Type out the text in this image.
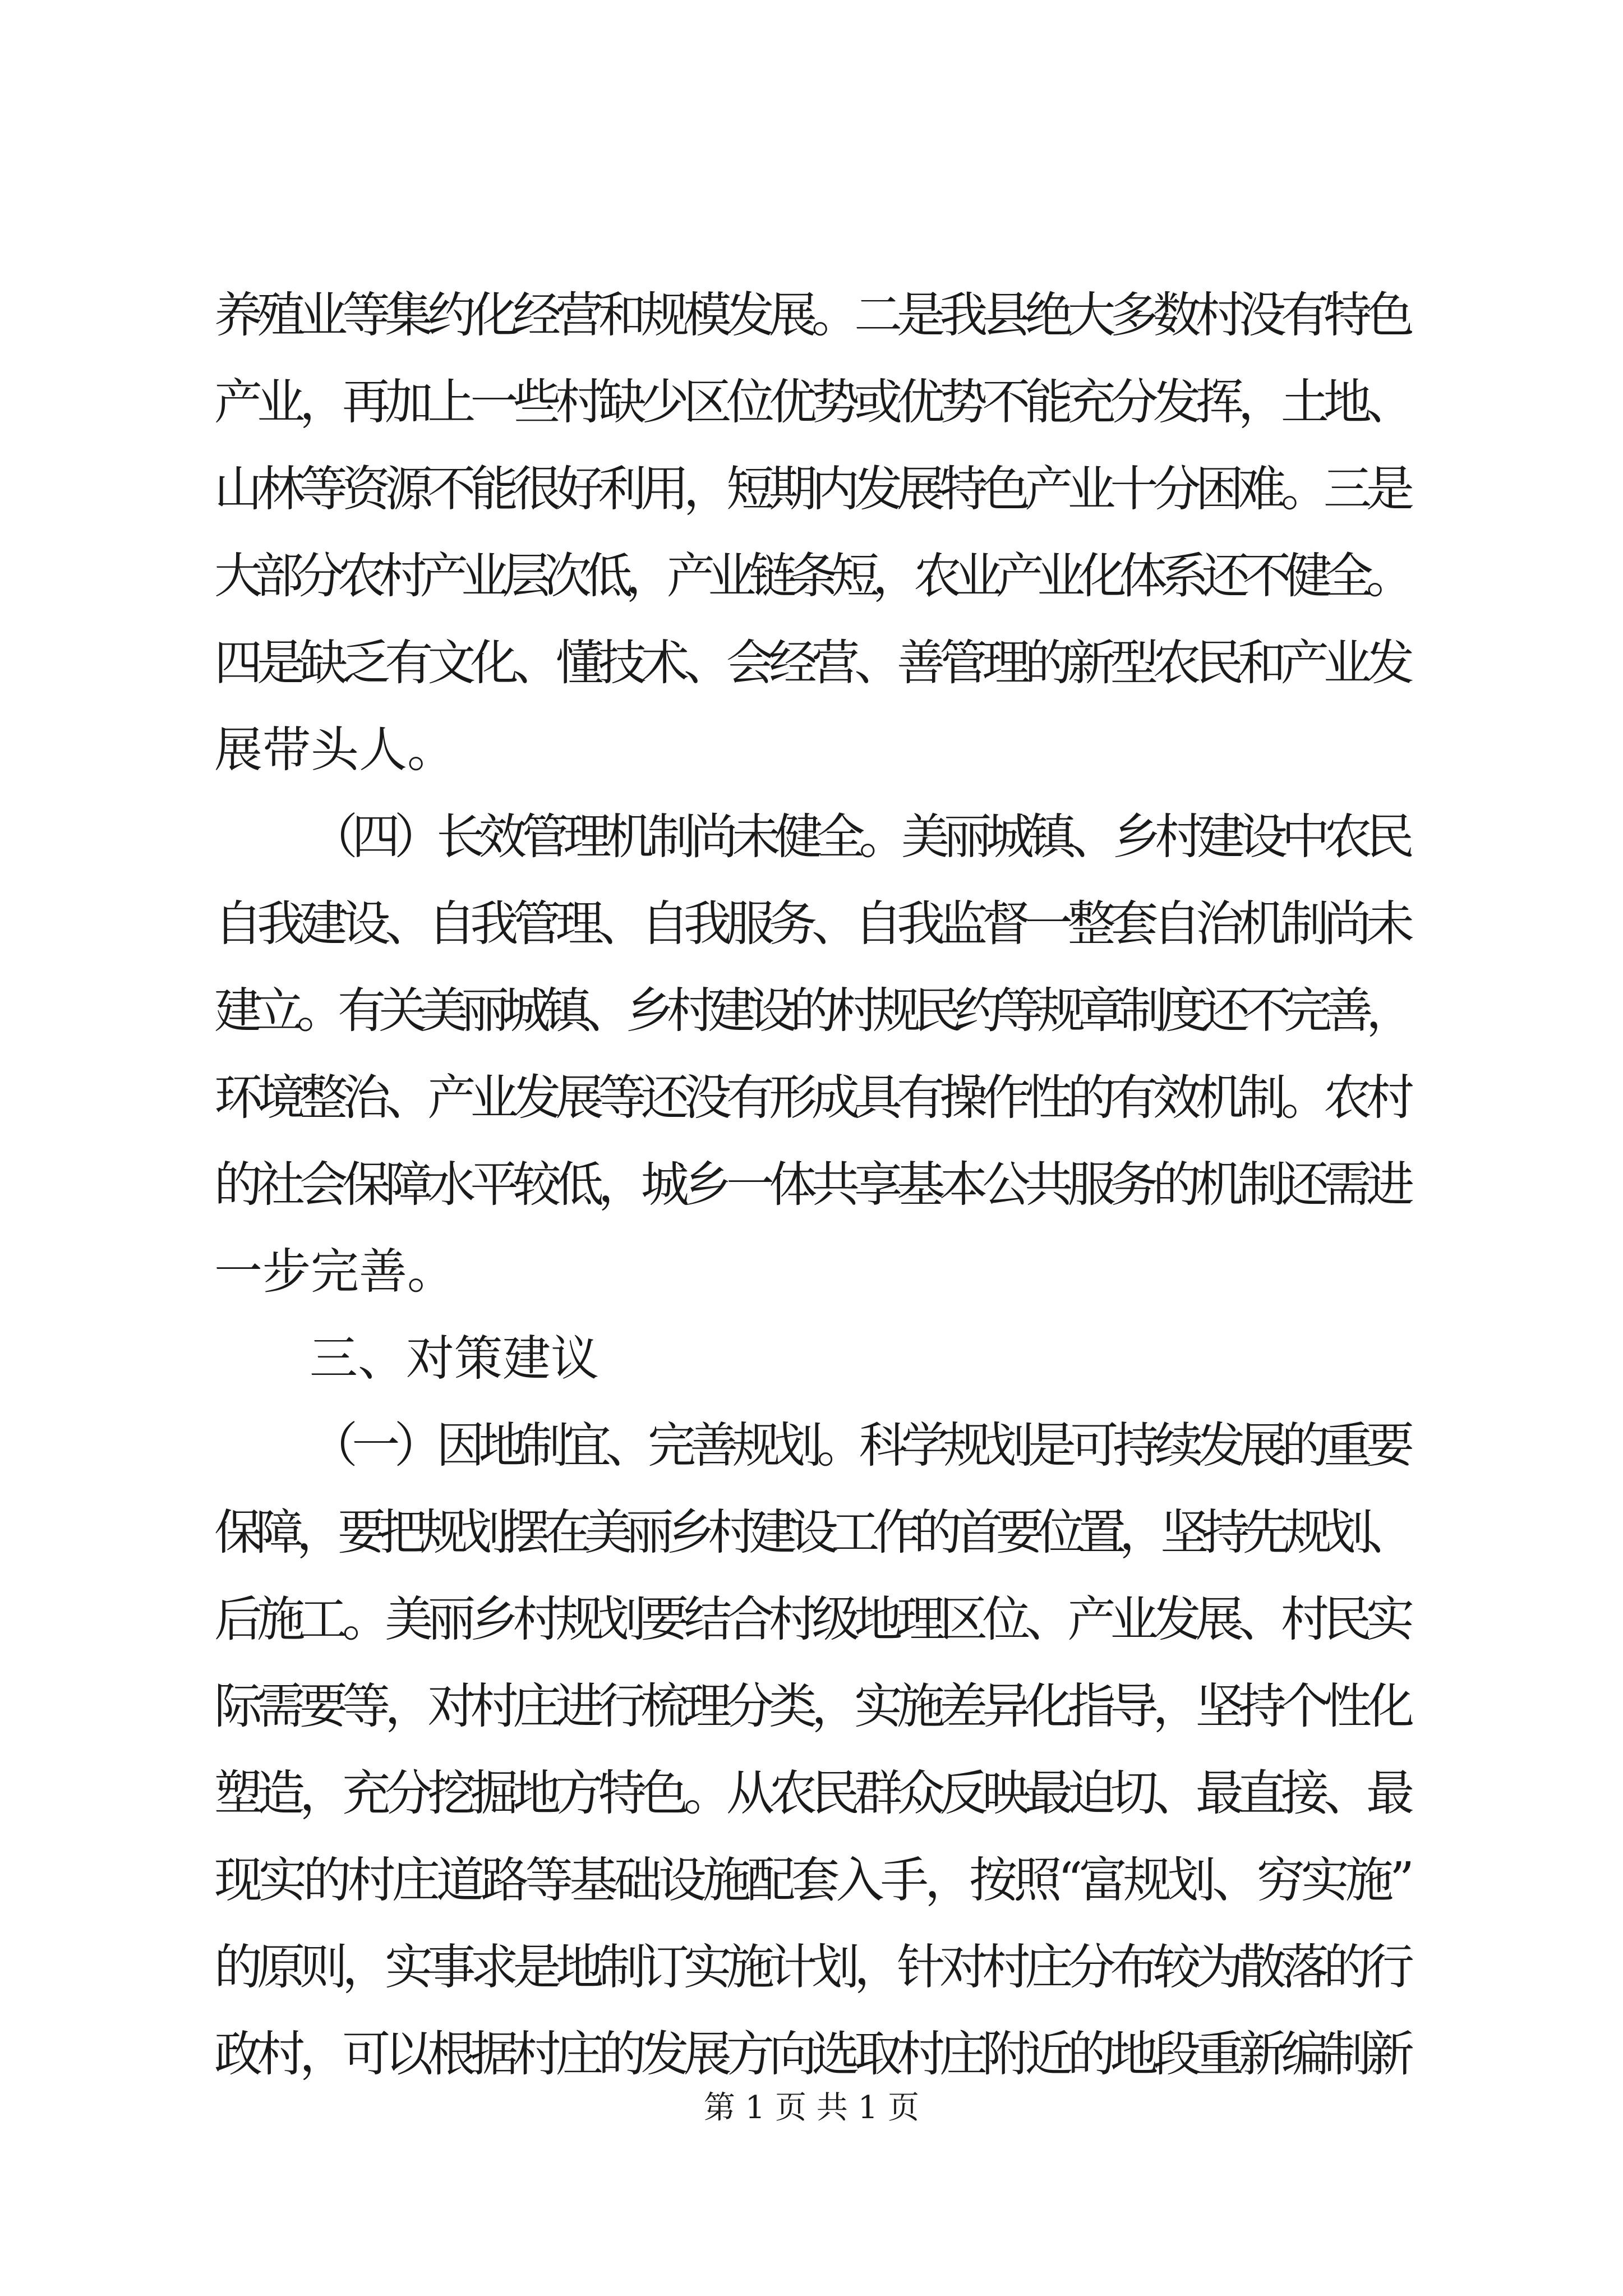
养殖业等集约化经营和规模发展。二是我县绝大多数村没有特色
产业，再加上一些村缺少区位优势或优势不能充分发挥，土地、
山林等资源不能很好利用，短期内发展特色产业十分困难。三是
大部分农村产业层次低，产业链条短，农业产业化体系还不健全。
四是缺乏有文化、懂技术、会经营、善管理的新型农民和产业发
展带头人。
（四）长效管理机制尚未健全。美丽城镇、乡村建设中农民
自我建设、自我管理、自我服务、自我监督一整套自治机制尚未
建立。有关美丽城镇、乡村建设的村规民约等规章制度还不完善，
环境整治、产业发展等还没有形成具有操作性的有效机制。农村
的社会保障水平较低，城乡一体共享基本公共服务的机制还需进
一步完善。
三、对策建议
（一）因地制宜、完善规划。科学规划是可持续发展的重要
保障，要把规划摆在美丽乡村建设工作的首要位置，坚持先规划、
后施工。美丽乡村规划要结合村级地理区位、产业发展、村民实
际需要等，对村庄进行梳理分类，实施差异化指导，坚持个性化
塑造，充分挖掘地方特色。从农民群众反映最迫切、最直接、最
现实的村庄道路等基础设施配套入手，按照“富规划、穷实施”
的原则，实事求是地制订实施计划，针对村庄分布较为散落的行
政村，可以根据村庄的发展方向选取村庄附近的地段重新编制新
第 1 页 共 1 页
